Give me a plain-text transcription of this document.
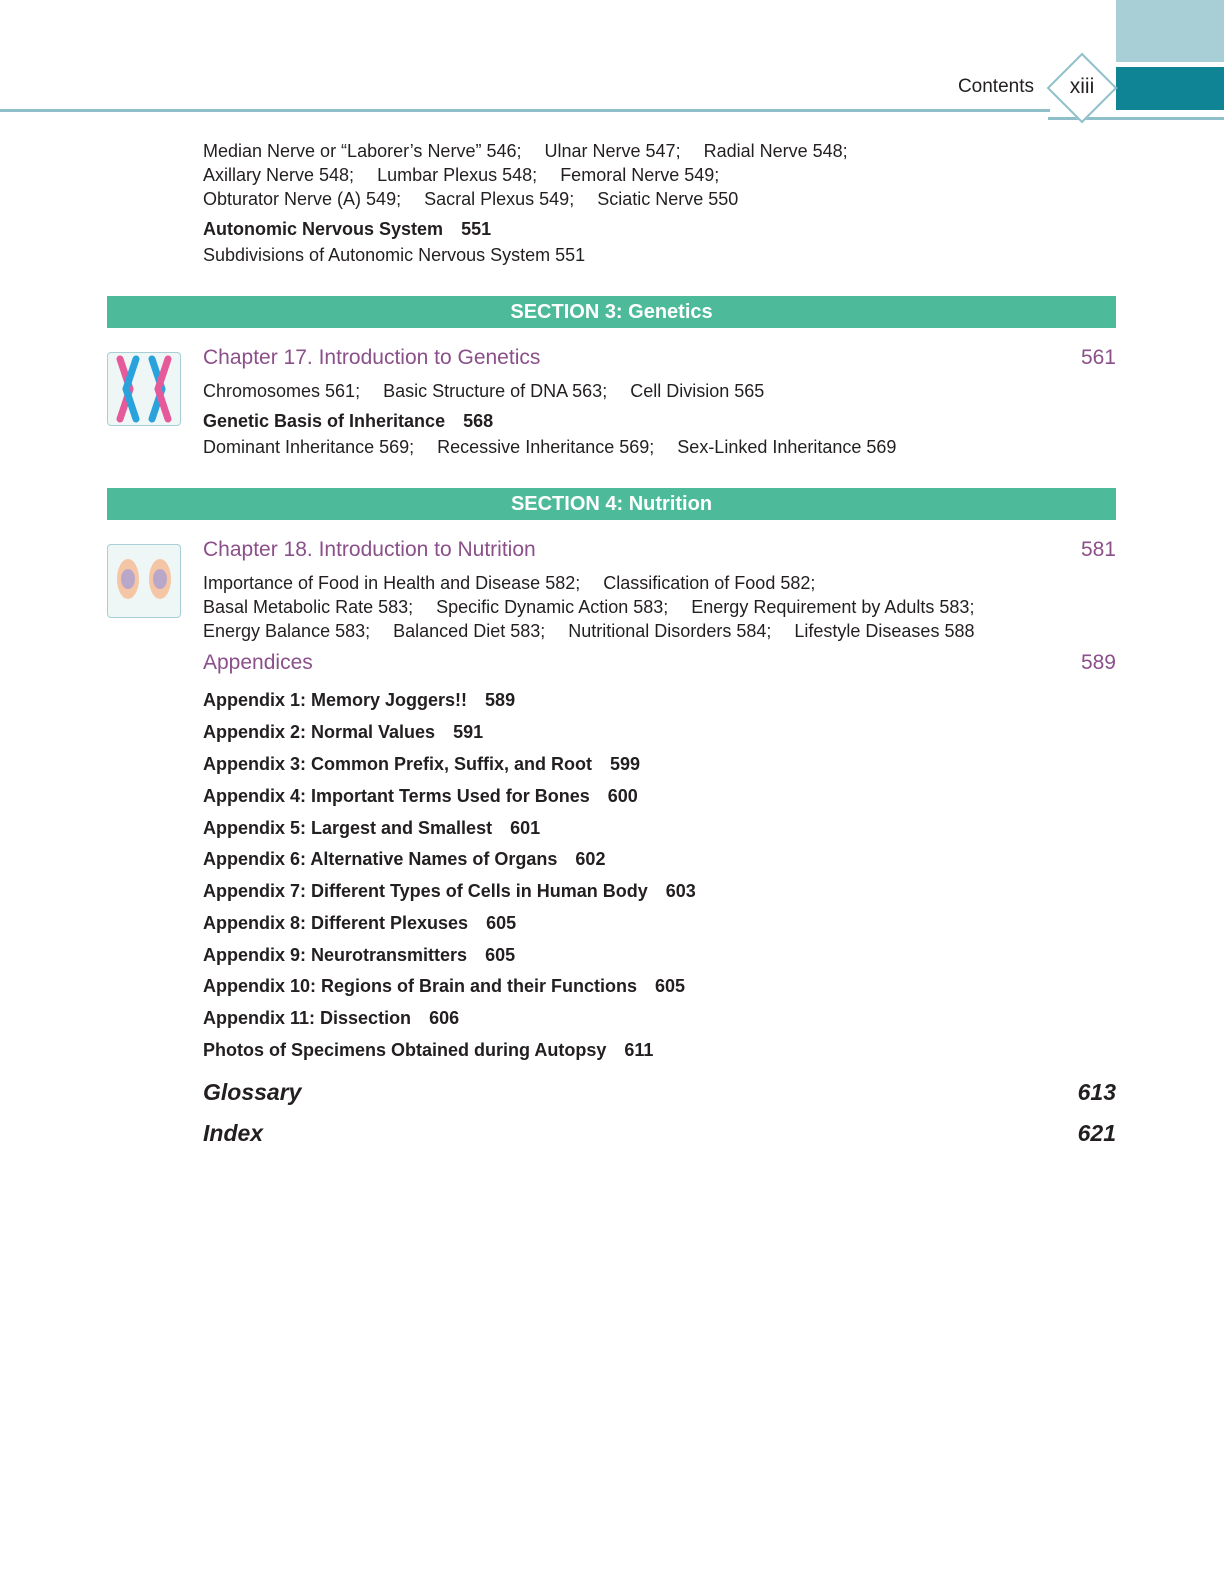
Contents	xiii
Median Nerve or “Laborer’s Nerve” 546; Ulnar Nerve 547; Radial Nerve 548;
Axillary Nerve 548; Lumbar Plexus 548; Femoral Nerve 549;
Obturator Nerve (A) 549; Sacral Plexus 549; Sciatic Nerve 550
Autonomic Nervous System 551
Subdivisions of Autonomic Nervous System 551
SECTION 3: Genetics
Chapter 17. Introduction to Genetics	561
Chromosomes 561; Basic Structure of DNA 563; Cell Division 565
Genetic Basis of Inheritance 568
Dominant Inheritance 569; Recessive Inheritance 569; Sex-Linked Inheritance 569
SECTION 4: Nutrition
Chapter 18. Introduction to Nutrition	581
Importance of Food in Health and Disease 582; Classification of Food 582;
Basal Metabolic Rate 583; Specific Dynamic Action 583; Energy Requirement by Adults 583;
Energy Balance 583; Balanced Diet 583; Nutritional Disorders 584; Lifestyle Diseases 588
Appendices	589
Appendix 1: Memory Joggers!! 589
Appendix 2: Normal Values 591
Appendix 3: Common Prefix, Suffix, and Root 599
Appendix 4: Important Terms Used for Bones 600
Appendix 5: Largest and Smallest 601
Appendix 6: Alternative Names of Organs 602
Appendix 7: Different Types of Cells in Human Body 603
Appendix 8: Different Plexuses 605
Appendix 9: Neurotransmitters 605
Appendix 10: Regions of Brain and their Functions 605
Appendix 11: Dissection 606
Photos of Specimens Obtained during Autopsy 611
Glossary	613
Index	621
